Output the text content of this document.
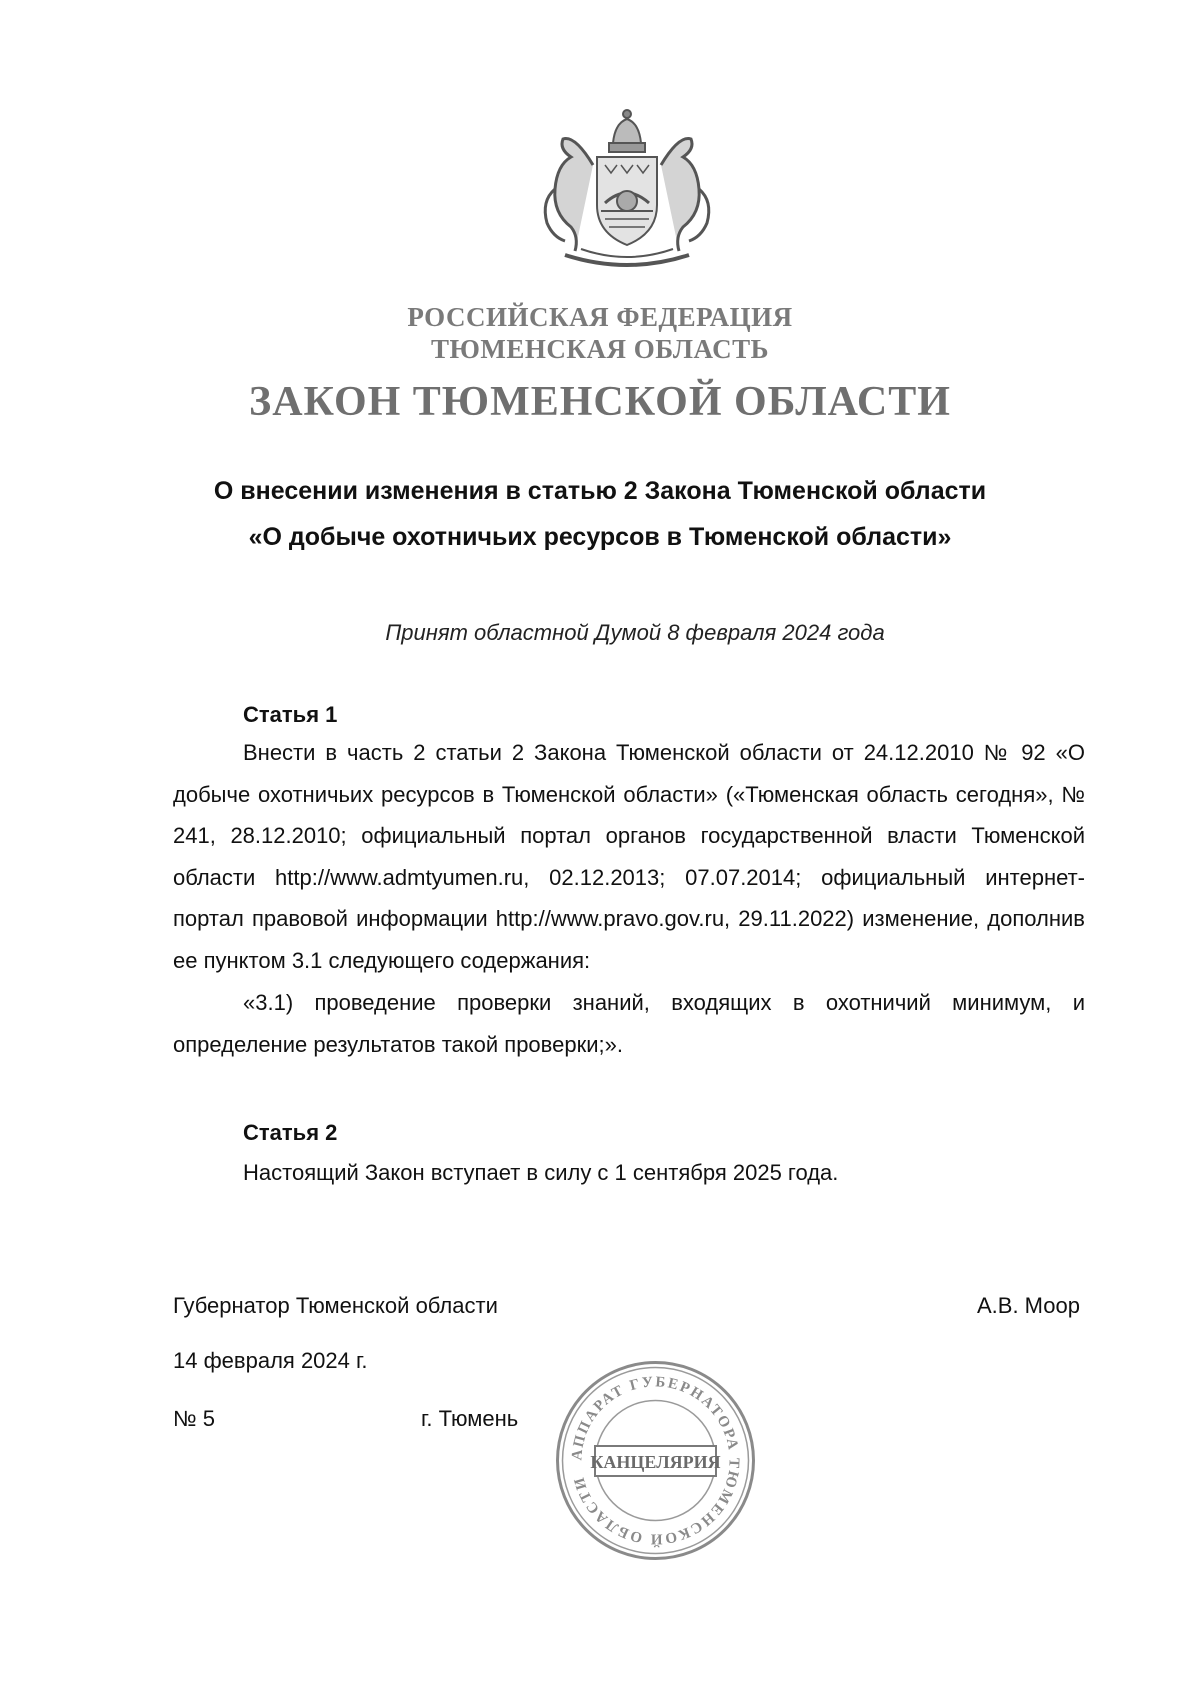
РОССИЙСКАЯ ФЕДЕРАЦИЯ
ТЮМЕНСКАЯ ОБЛАСТЬ
ЗАКОН ТЮМЕНСКОЙ ОБЛАСТИ
О внесении изменения в статью 2 Закона Тюменской области
«О добыче охотничьих ресурсов в Тюменской области»
Принят областной Думой 8 февраля 2024 года
Статья 1
Внести в часть 2 статьи 2 Закона Тюменской области от 24.12.2010 № 92 «О добыче охотничьих ресурсов в Тюменской области» («Тюменская область сегодня», № 241, 28.12.2010; официальный портал органов государственной власти Тюменской области http://www.admtyumen.ru, 02.12.2013; 07.07.2014; официальный интернет-портал правовой информации http://www.pravo.gov.ru, 29.11.2022) изменение, дополнив ее пунктом 3.1 следующего содержания:
«3.1) проведение проверки знаний, входящих в охотничий минимум, и определение результатов такой проверки;».
Статья 2
Настоящий Закон вступает в силу с 1 сентября 2025 года.
Губернатор Тюменской области	А.В. Моор
14 февраля 2024 г.
№ 5	г. Тюмень
АППАРАТ ГУБЕРНАТОРА ТЮМЕНСКОЙ ОБЛАСТИ
КАНЦЕЛЯРИЯ
